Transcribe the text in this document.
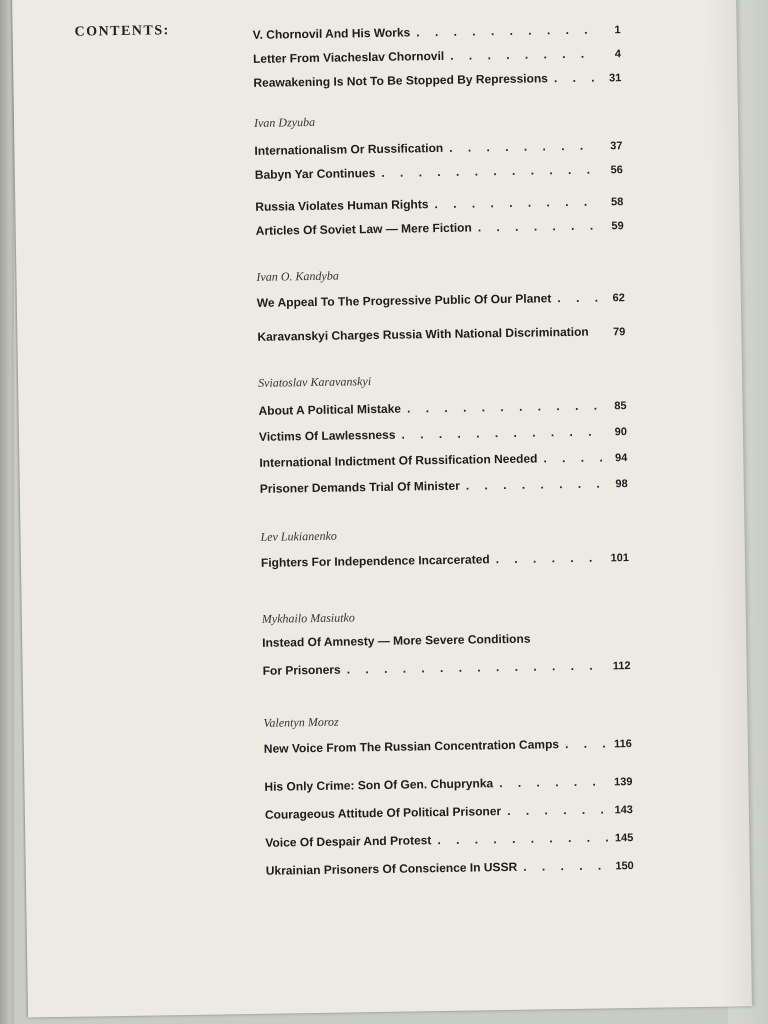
CONTENTS:	V. Chornovil And His Works . . .	1
Letter From Viacheslav Chornovil . . .	4
Reawakening Is Not To Be Stopped By Repressions . . .	31
Ivan Dzyuba
Internationalism Or Russification . . .	37
Babyn Yar Continues . . .	56
Russia Violates Human Rights . . .	58
Articles Of Soviet Law — Mere Fiction . . .	59
Ivan O. Kandyba
We Appeal To The Progressive Public Of Our Planet . . .	62
Karavanskyi Charges Russia With National Discrimination	79
Sviatoslav Karavanskyi
About A Political Mistake . . .	85
Victims Of Lawlessness . . .	90
International Indictment Of Russification Needed . . .	94
Prisoner Demands Trial Of Minister . . .	98
Lev Lukianenko
Fighters For Independence Incarcerated . . .	101
Mykhailo Masiutko
Instead Of Amnesty — More Severe Conditions
For Prisoners . . .	112
Valentyn Moroz
New Voice From The Russian Concentration Camps . . .	116
His Only Crime: Son Of Gen. Chuprynka . . .	139
Courageous Attitude Of Political Prisoner . . .	143
Voice Of Despair And Protest . . .	145
Ukrainian Prisoners Of Conscience In USSR . . .	150
